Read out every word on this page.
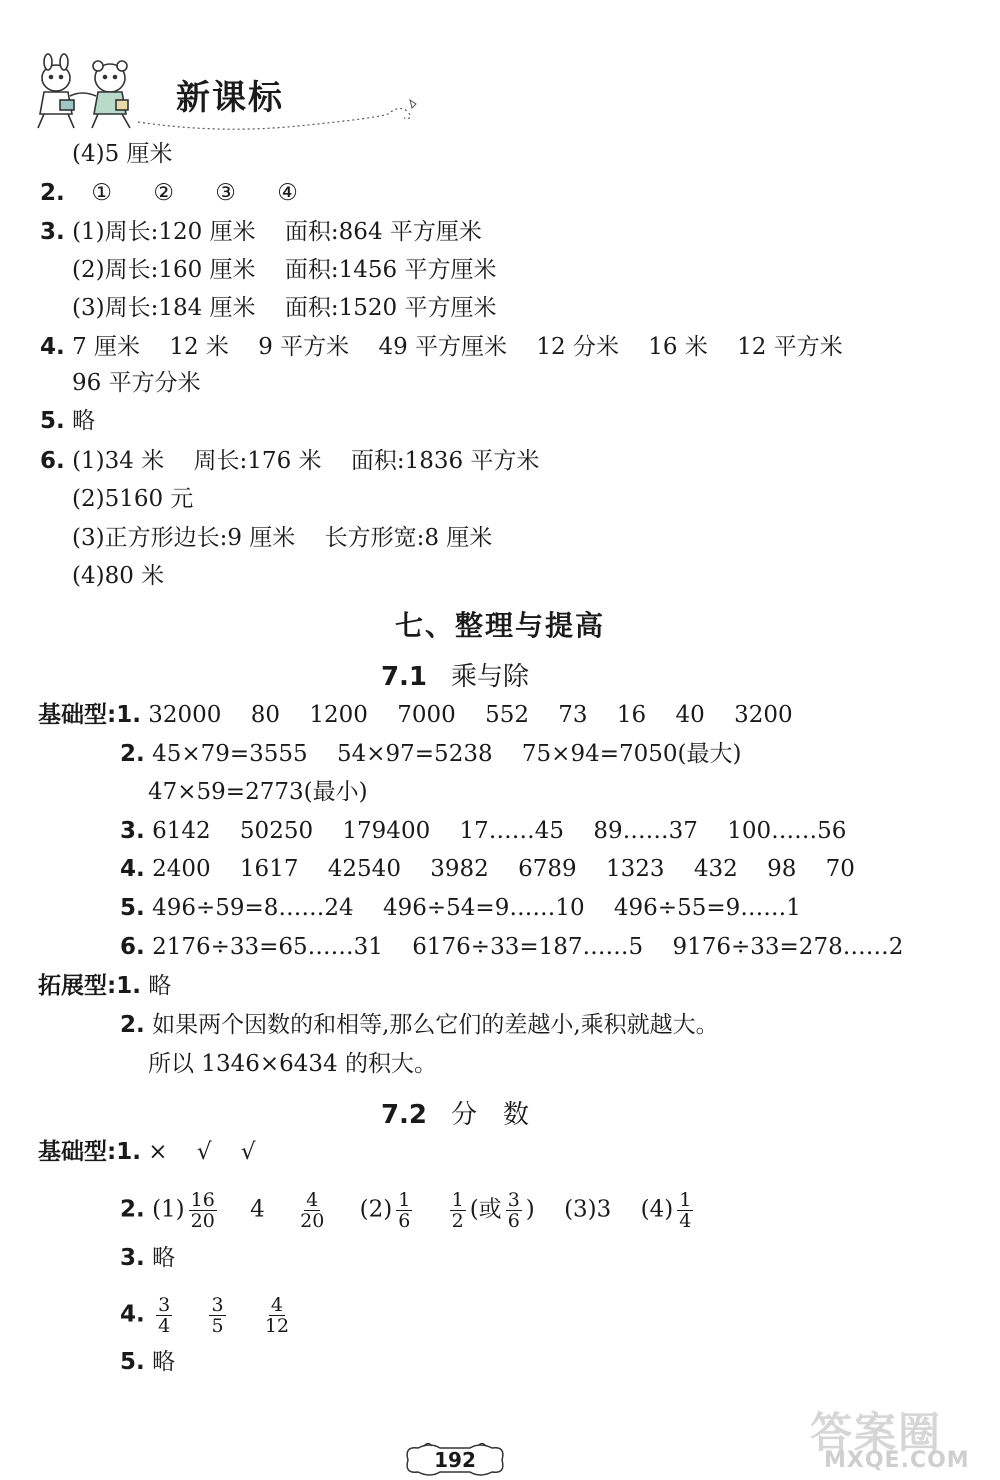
新课标
(4)5 厘米
2. ① ② ③ ④
3. (1)周长:120 厘米 面积:864 平方厘米
(2)周长:160 厘米 面积:1456 平方厘米
(3)周长:184 厘米 面积:1520 平方厘米
4. 7 厘米 12 米 9 平方米 49 平方厘米 12 分米 16 米 12 平方米
96 平方分米
5. 略
6. (1)34 米 周长:176 米 面积:1836 平方米
(2)5160 元
(3)正方形边长:9 厘米 长方形宽:8 厘米
(4)80 米
七、整理与提高
7.1 乘与除
基础型:1. 32000 80 1200 7000 552 73 16 40 3200
2. 45×79=3555 54×97=5238 75×94=7050(最大)
47×59=2773(最小)
3. 6142 50250 179400 17……45 89……37 100……56
4. 2400 1617 42540 3982 6789 1323 432 98 70
5. 496÷59=8……24 496÷54=9……10 496÷55=9……1
6. 2176÷33=65……31 6176÷33=187……5 9176÷33=278……2
拓展型:1. 略
2. 如果两个因数的和相等,那么它们的差越小,乘积就越大。
所以 1346×6434 的积大。
7.2 分　数
基础型:1. × √ √
2. $(1) \frac{16}{20} 4 \frac{4}{20} (2) \frac{1}{6}$
$\frac{1}{2}$ (或 $\frac{3}{6}$ ) (3)3 $(4) \frac{1}{4}$
3. 略
4. $\frac{3}{4}$
$\frac{3}{5}$
$\frac{4}{12}$
5. 略
192
答案圈
MXQE.COM
